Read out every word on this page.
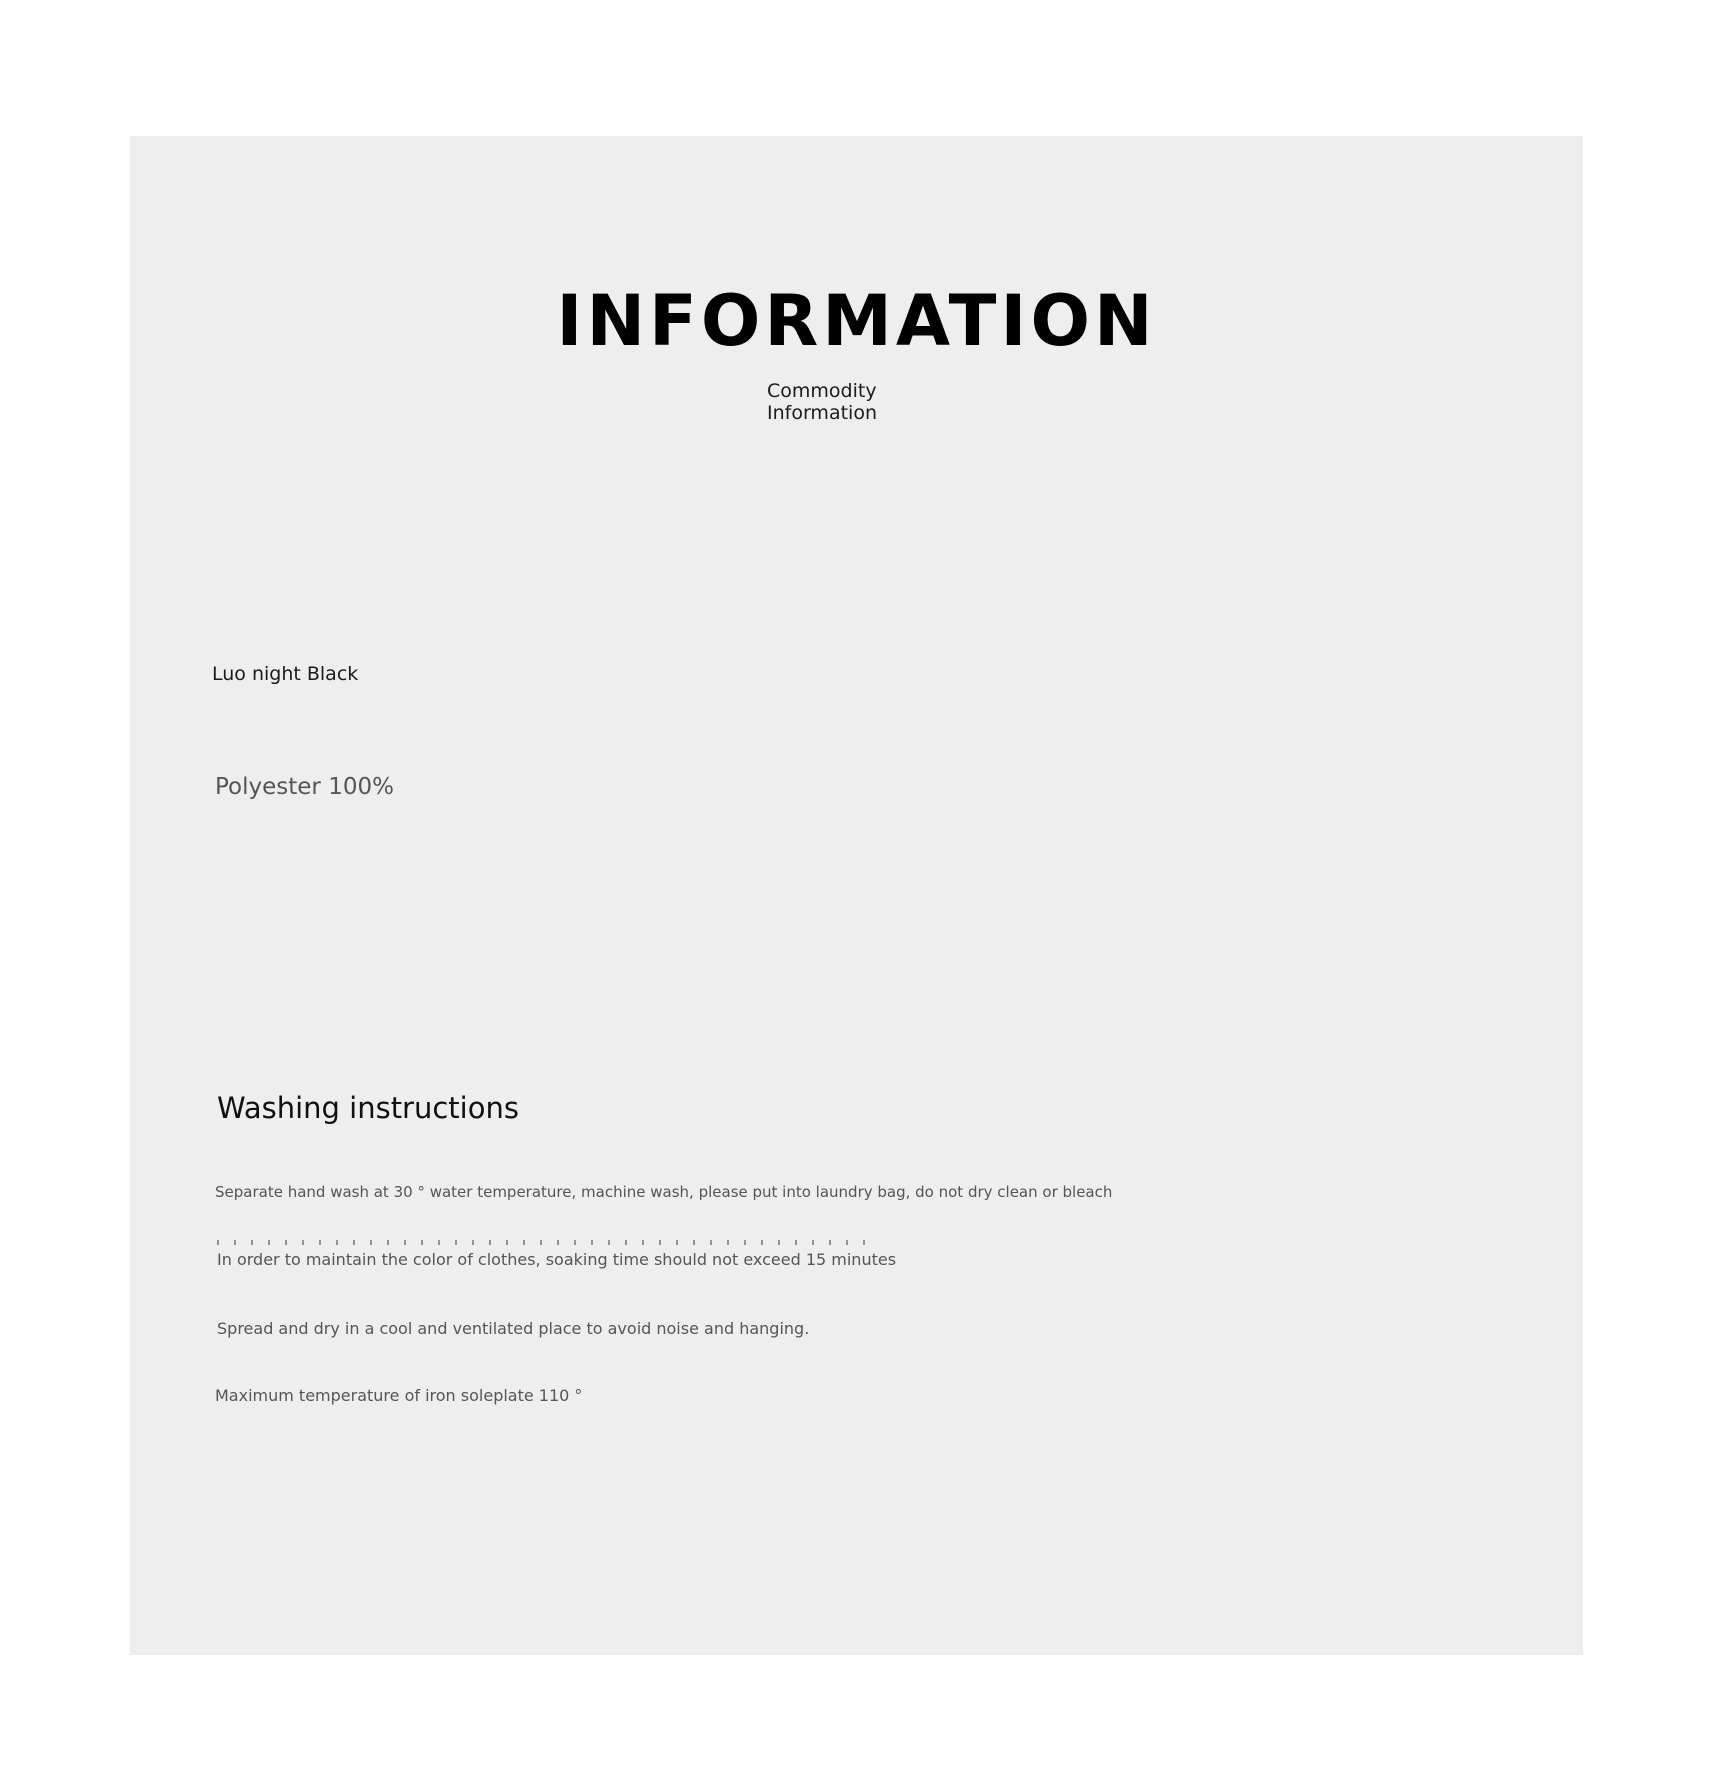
INFORMATION
Commodity
Information

Luo night Black

Polyester 100%

Washing instructions

Separate hand wash at 30 ° water temperature, machine wash, please put into laundry bag, do not dry clean or bleach

In order to maintain the color of clothes, soaking time should not exceed 15 minutes

Spread and dry in a cool and ventilated place to avoid noise and hanging.

Maximum temperature of iron soleplate 110 °
